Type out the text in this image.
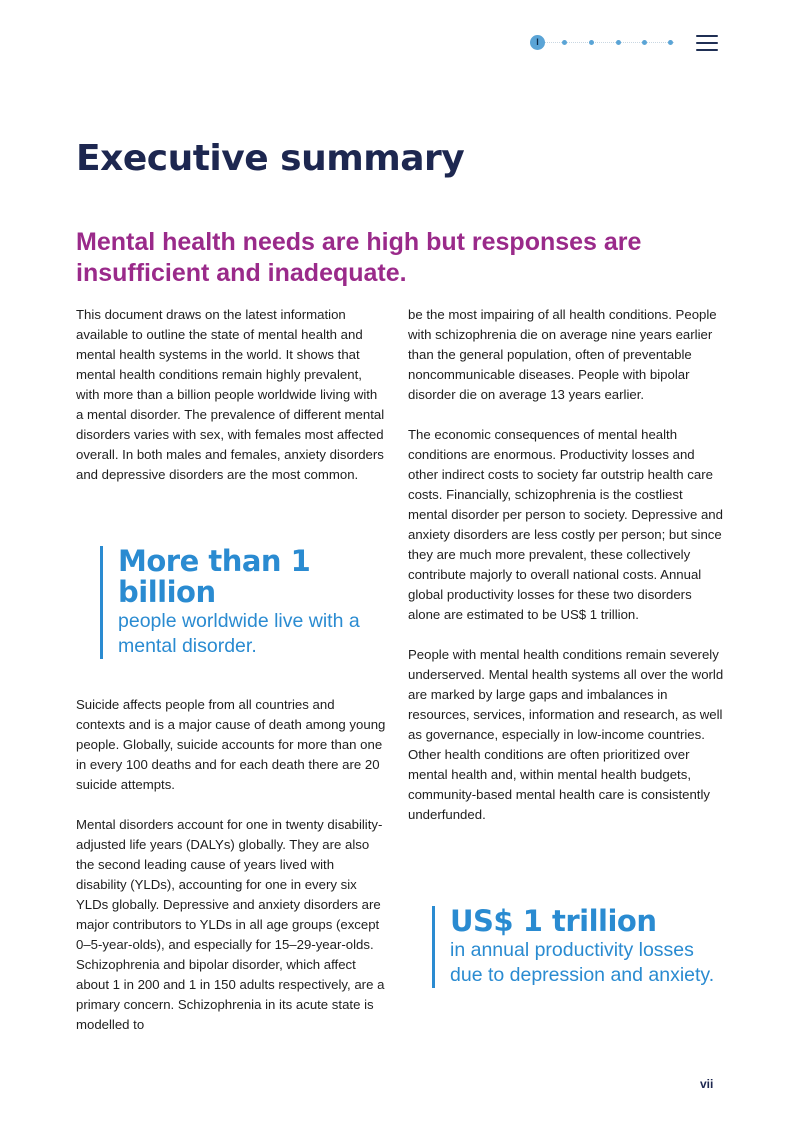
I
Executive summary
Mental health needs are high but responses are insufficient and inadequate.

This document draws on the latest information available to outline the state of mental health and mental health systems in the world. It shows that mental health conditions remain highly prevalent, with more than a billion people worldwide living with a mental disorder. The prevalence of different mental disorders varies with sex, with females most affected overall. In both males and females, anxiety disorders and depressive disorders are the most common.

More than 1 billion
people worldwide live with a mental disorder.

Suicide affects people from all countries and contexts and is a major cause of death among young people. Globally, suicide accounts for more than one in every 100 deaths and for each death there are 20 suicide attempts.

Mental disorders account for one in twenty disability-adjusted life years (DALYs) globally. They are also the second leading cause of years lived with disability (YLDs), accounting for one in every six YLDs globally. Depressive and anxiety disorders are major contributors to YLDs in all age groups (except 0–5-year-olds), and especially for 15–29-year-olds. Schizophrenia and bipolar disorder, which affect about 1 in 200 and 1 in 150 adults respectively, are a primary concern. Schizophrenia in its acute state is modelled to

be the most impairing of all health conditions. People with schizophrenia die on average nine years earlier than the general population, often of preventable noncommunicable diseases. People with bipolar disorder die on average 13 years earlier.

The economic consequences of mental health conditions are enormous. Productivity losses and other indirect costs to society far outstrip health care costs. Financially, schizophrenia is the costliest mental disorder per person to society. Depressive and anxiety disorders are less costly per person; but since they are much more prevalent, these collectively contribute majorly to overall national costs. Annual global productivity losses for these two disorders alone are estimated to be US$ 1 trillion.

People with mental health conditions remain severely underserved. Mental health systems all over the world are marked by large gaps and imbalances in resources, services, information and research, as well as governance, especially in low-income countries. Other health conditions are often prioritized over mental health and, within mental health budgets, community-based mental health care is consistently underfunded.

US$ 1 trillion
in annual productivity losses due to depression and anxiety.
vii
